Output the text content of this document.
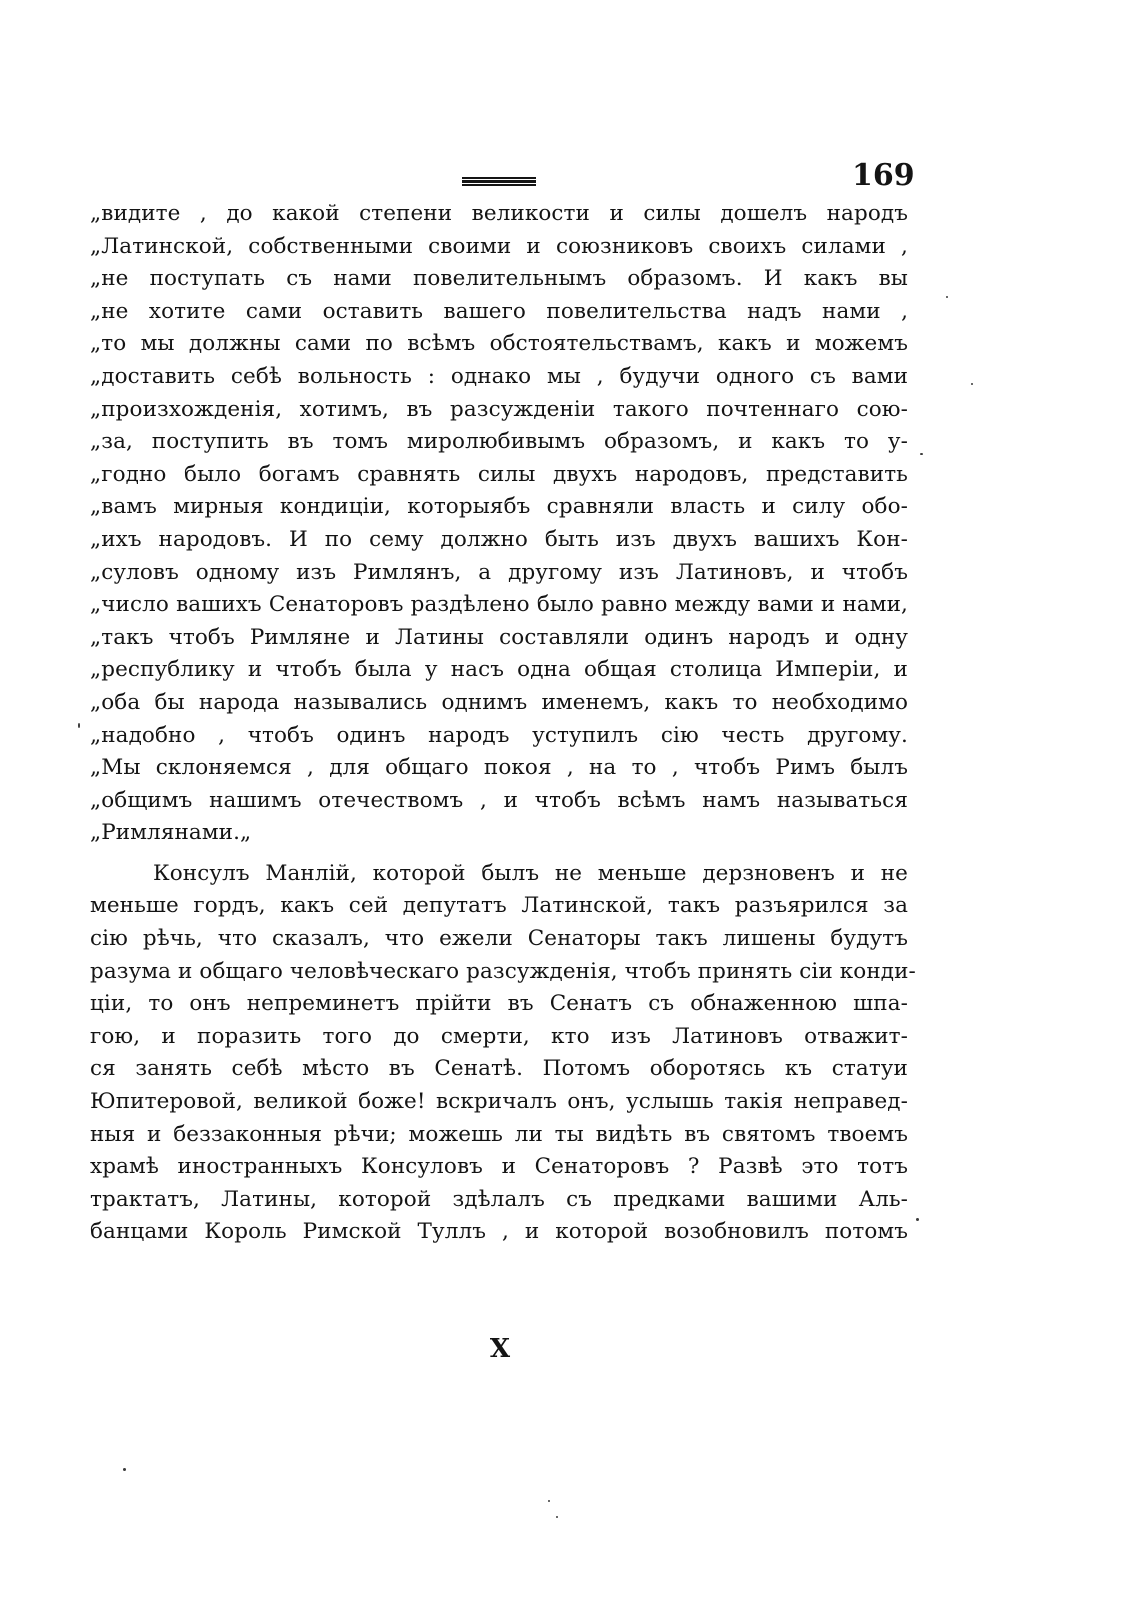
169
„видите , до какой степени великости и силы дошелъ народъ
„Латинской, собственными своими и союзниковъ своихъ силами ,
„не поступать съ нами повелительнымъ образомъ. И какъ вы
„не хотите сами оставить вашего повелительства надъ нами ,
„то мы должны сами по всѣмъ обстоятельствамъ, какъ и можемъ
„доставить себѣ вольность : однако мы , будучи одного съ вами
„произхожденія, хотимъ, въ разсужденіи такого почтеннаго сою-
„за, поступить въ томъ миролюбивымъ образомъ, и какъ то у-
„годно было богамъ сравнять силы двухъ народовъ, представить
„вамъ мирныя кондиціи, которыябъ сравняли власть и силу обо-
„ихъ народовъ. И по сему должно быть изъ двухъ вашихъ Кон-
„суловъ одному изъ Римлянъ, а другому изъ Латиновъ, и чтобъ
„число вашихъ Сенаторовъ раздѣлено было равно между вами и нами,
„такъ чтобъ Римляне и Латины составляли одинъ народъ и одну
„республику и чтобъ была у насъ одна общая столица Имперіи, и
„оба бы народа назывались однимъ именемъ, какъ то необходимо
„надобно , чтобъ одинъ народъ уступилъ сію честь другому.
„Мы склоняемся , для общаго покоя , на то , чтобъ Римъ былъ
„общимъ нашимъ отечествомъ , и чтобъ всѣмъ намъ называться
„Римлянами.„
Консулъ Манлій, которой былъ не меньше дерзновенъ и не
меньше гордъ, какъ сей депутатъ Латинской, такъ разъярился за
сію рѣчь, что сказалъ, что ежели Сенаторы такъ лишены будутъ
разума и общаго человѣческаго разсужденія, чтобъ принять сіи конди-
ціи, то онъ непреминетъ прійти въ Сенатъ съ обнаженною шпа-
гою, и поразить того до смерти, кто изъ Латиновъ отважит-
ся занять себѣ мѣсто въ Сенатѣ. Потомъ оборотясь къ статуи
Юпитеровой, великой боже! вскричалъ онъ, услышь такія неправед-
ныя и беззаконныя рѣчи; можешь ли ты видѣть въ святомъ твоемъ
храмѣ иностранныхъ Консуловъ и Сенаторовъ ? Развѣ это тотъ
трактатъ, Латины, которой здѣлалъ съ предками вашими Аль-
банцами Король Римской Туллъ , и которой возобновилъ потомъ
X
